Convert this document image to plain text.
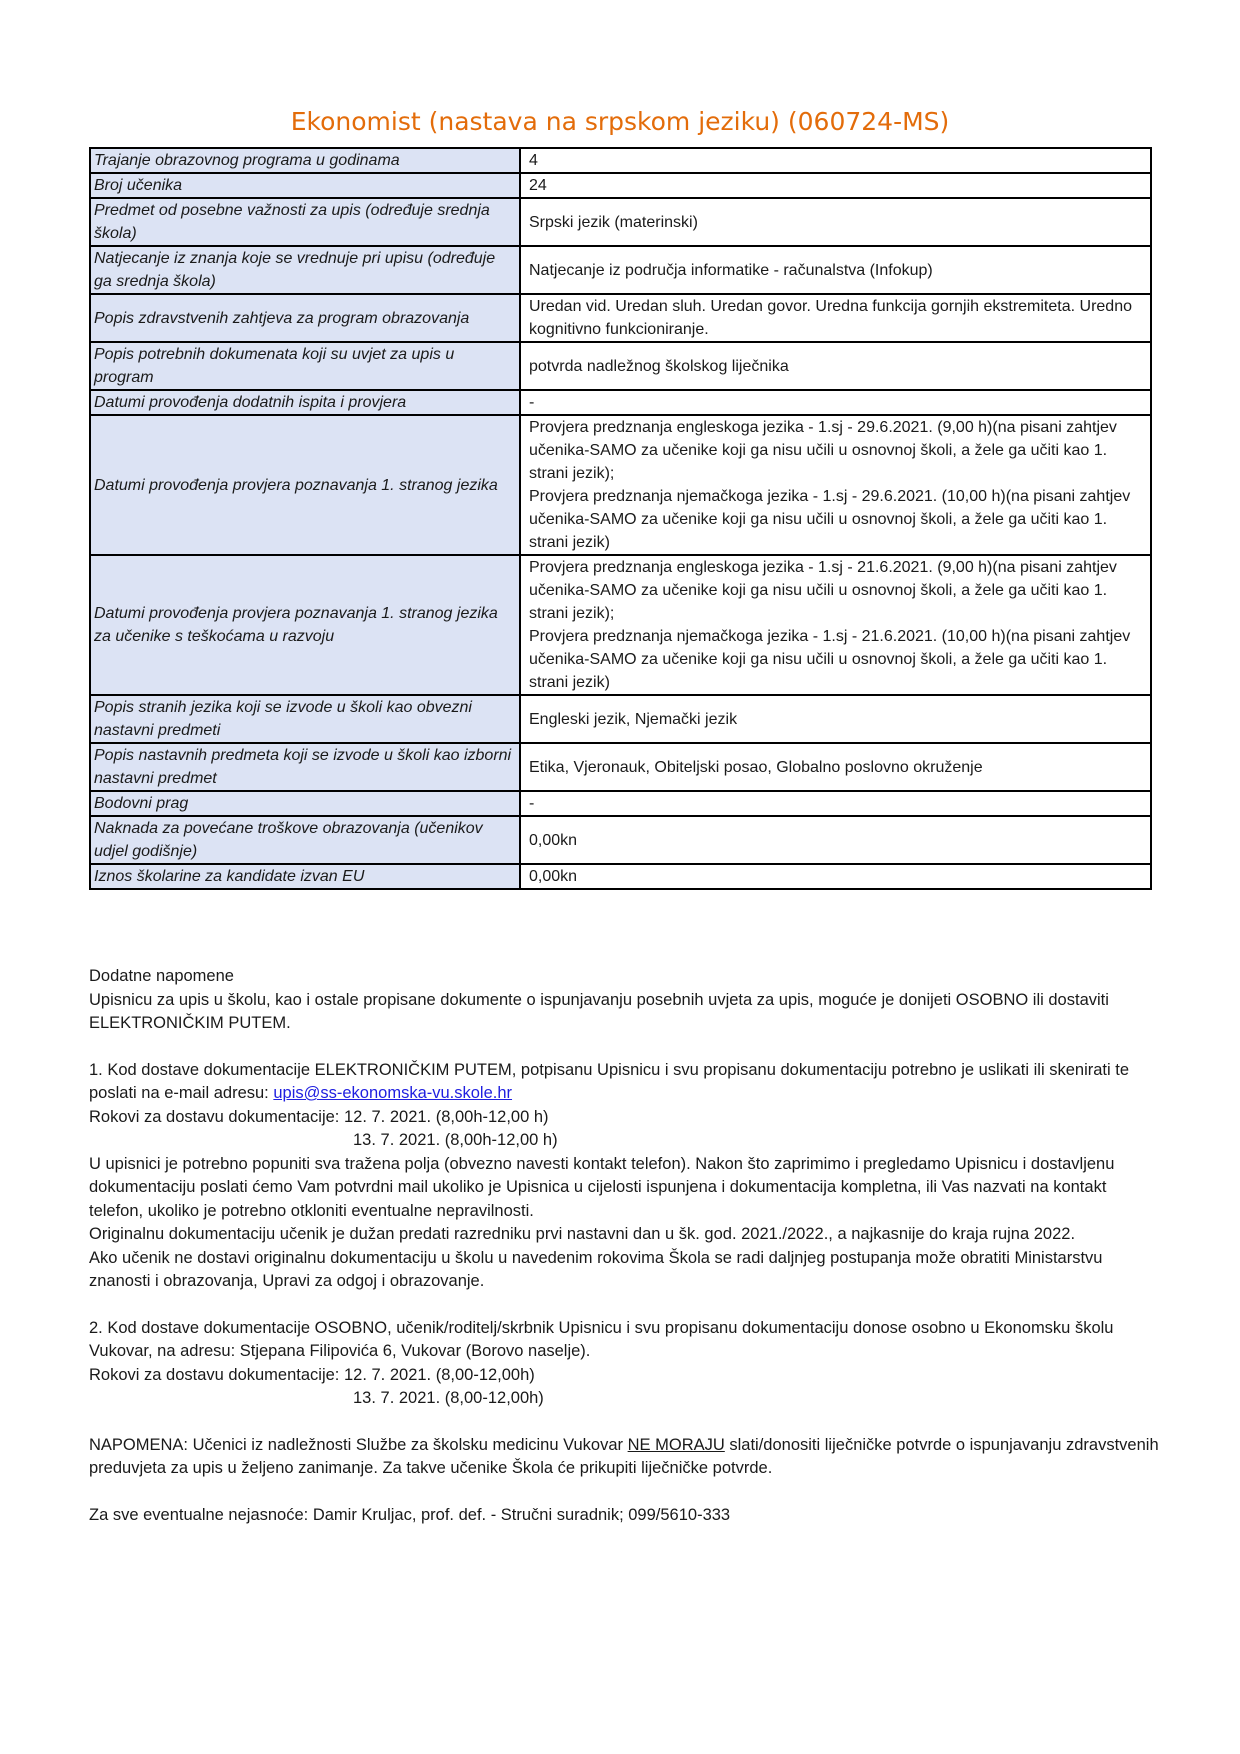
Ekonomist (nastava na srpskom jeziku) (060724-MS)
Trajanje obrazovnog programa u godinama	4
Broj učenika	24
Predmet od posebne važnosti za upis (određuje srednja škola)	Srpski jezik (materinski)
Natjecanje iz znanja koje se vrednuje pri upisu (određuje ga srednja škola)	Natjecanje iz područja informatike - računalstva (Infokup)
Popis zdravstvenih zahtjeva za program obrazovanja	Uredan vid. Uredan sluh. Uredan govor. Uredna funkcija gornjih ekstremiteta. Uredno kognitivno funkcioniranje.
Popis potrebnih dokumenata koji su uvjet za upis u program	potvrda nadležnog školskog liječnika
Datumi provođenja dodatnih ispita i provjera	-
Datumi provođenja provjera poznavanja 1. stranog jezika	Provjera predznanja engleskoga jezika - 1.sj - 29.6.2021. (9,00 h)(na pisani zahtjev učenika-SAMO za učenike koji ga nisu učili u osnovnoj školi, a žele ga učiti kao 1. strani jezik);
Provjera predznanja njemačkoga jezika - 1.sj - 29.6.2021. (10,00 h)(na pisani zahtjev učenika-SAMO za učenike koji ga nisu učili u osnovnoj školi, a žele ga učiti kao 1. strani jezik)
Datumi provođenja provjera poznavanja 1. stranog jezika za učenike s teškoćama u razvoju	Provjera predznanja engleskoga jezika - 1.sj - 21.6.2021. (9,00 h)(na pisani zahtjev učenika-SAMO za učenike koji ga nisu učili u osnovnoj školi, a žele ga učiti kao 1. strani jezik);
Provjera predznanja njemačkoga jezika - 1.sj - 21.6.2021. (10,00 h)(na pisani zahtjev učenika-SAMO za učenike koji ga nisu učili u osnovnoj školi, a žele ga učiti kao 1. strani jezik)
Popis stranih jezika koji se izvode u školi kao obvezni nastavni predmeti	Engleski jezik, Njemački jezik
Popis nastavnih predmeta koji se izvode u školi kao izborni nastavni predmet	Etika, Vjeronauk, Obiteljski posao, Globalno poslovno okruženje
Bodovni prag	-
Naknada za povećane troškove obrazovanja (učenikov udjel godišnje)	0,00kn
Iznos školarine za kandidate izvan EU	0,00kn

Dodatne napomene

Upisnicu za upis u školu, kao i ostale propisane dokumente o ispunjavanju posebnih uvjeta za upis, moguće je donijeti OSOBNO ili dostaviti ELEKTRONIČKIM PUTEM.

1. Kod dostave dokumentacije ELEKTRONIČKIM PUTEM, potpisanu Upisnicu i svu propisanu dokumentaciju potrebno je uslikati ili skenirati te poslati na e-mail adresu: upis@ss-ekonomska-vu.skole.hr

Rokovi za dostavu dokumentacije: 12. 7. 2021. (8,00h-12,00 h)

13. 7. 2021. (8,00h-12,00 h)

U upisnici je potrebno popuniti sva tražena polja (obvezno navesti kontakt telefon). Nakon što zaprimimo i pregledamo Upisnicu i dostavljenu dokumentaciju poslati ćemo Vam potvrdni mail ukoliko je Upisnica u cijelosti ispunjena i dokumentacija kompletna, ili Vas nazvati na kontakt telefon, ukoliko je potrebno otkloniti eventualne nepravilnosti.

Originalnu dokumentaciju učenik je dužan predati razredniku prvi nastavni dan u šk. god. 2021./2022., a najkasnije do kraja rujna 2022.

Ako učenik ne dostavi originalnu dokumentaciju u školu u navedenim rokovima Škola se radi daljnjeg postupanja može obratiti Ministarstvu znanosti i obrazovanja, Upravi za odgoj i obrazovanje.

2. Kod dostave dokumentacije OSOBNO, učenik/roditelj/skrbnik Upisnicu i svu propisanu dokumentaciju donose osobno u Ekonomsku školu Vukovar, na adresu: Stjepana Filipovića 6, Vukovar (Borovo naselje).

Rokovi za dostavu dokumentacije: 12. 7. 2021. (8,00-12,00h)

13. 7. 2021. (8,00-12,00h)

NAPOMENA: Učenici iz nadležnosti Službe za školsku medicinu Vukovar NE MORAJU slati/donositi liječničke potvrde o ispunjavanju zdravstvenih preduvjeta za upis u željeno zanimanje. Za takve učenike Škola će prikupiti liječničke potvrde.

Za sve eventualne nejasnoće: Damir Kruljac, prof. def. - Stručni suradnik; 099/5610-333
